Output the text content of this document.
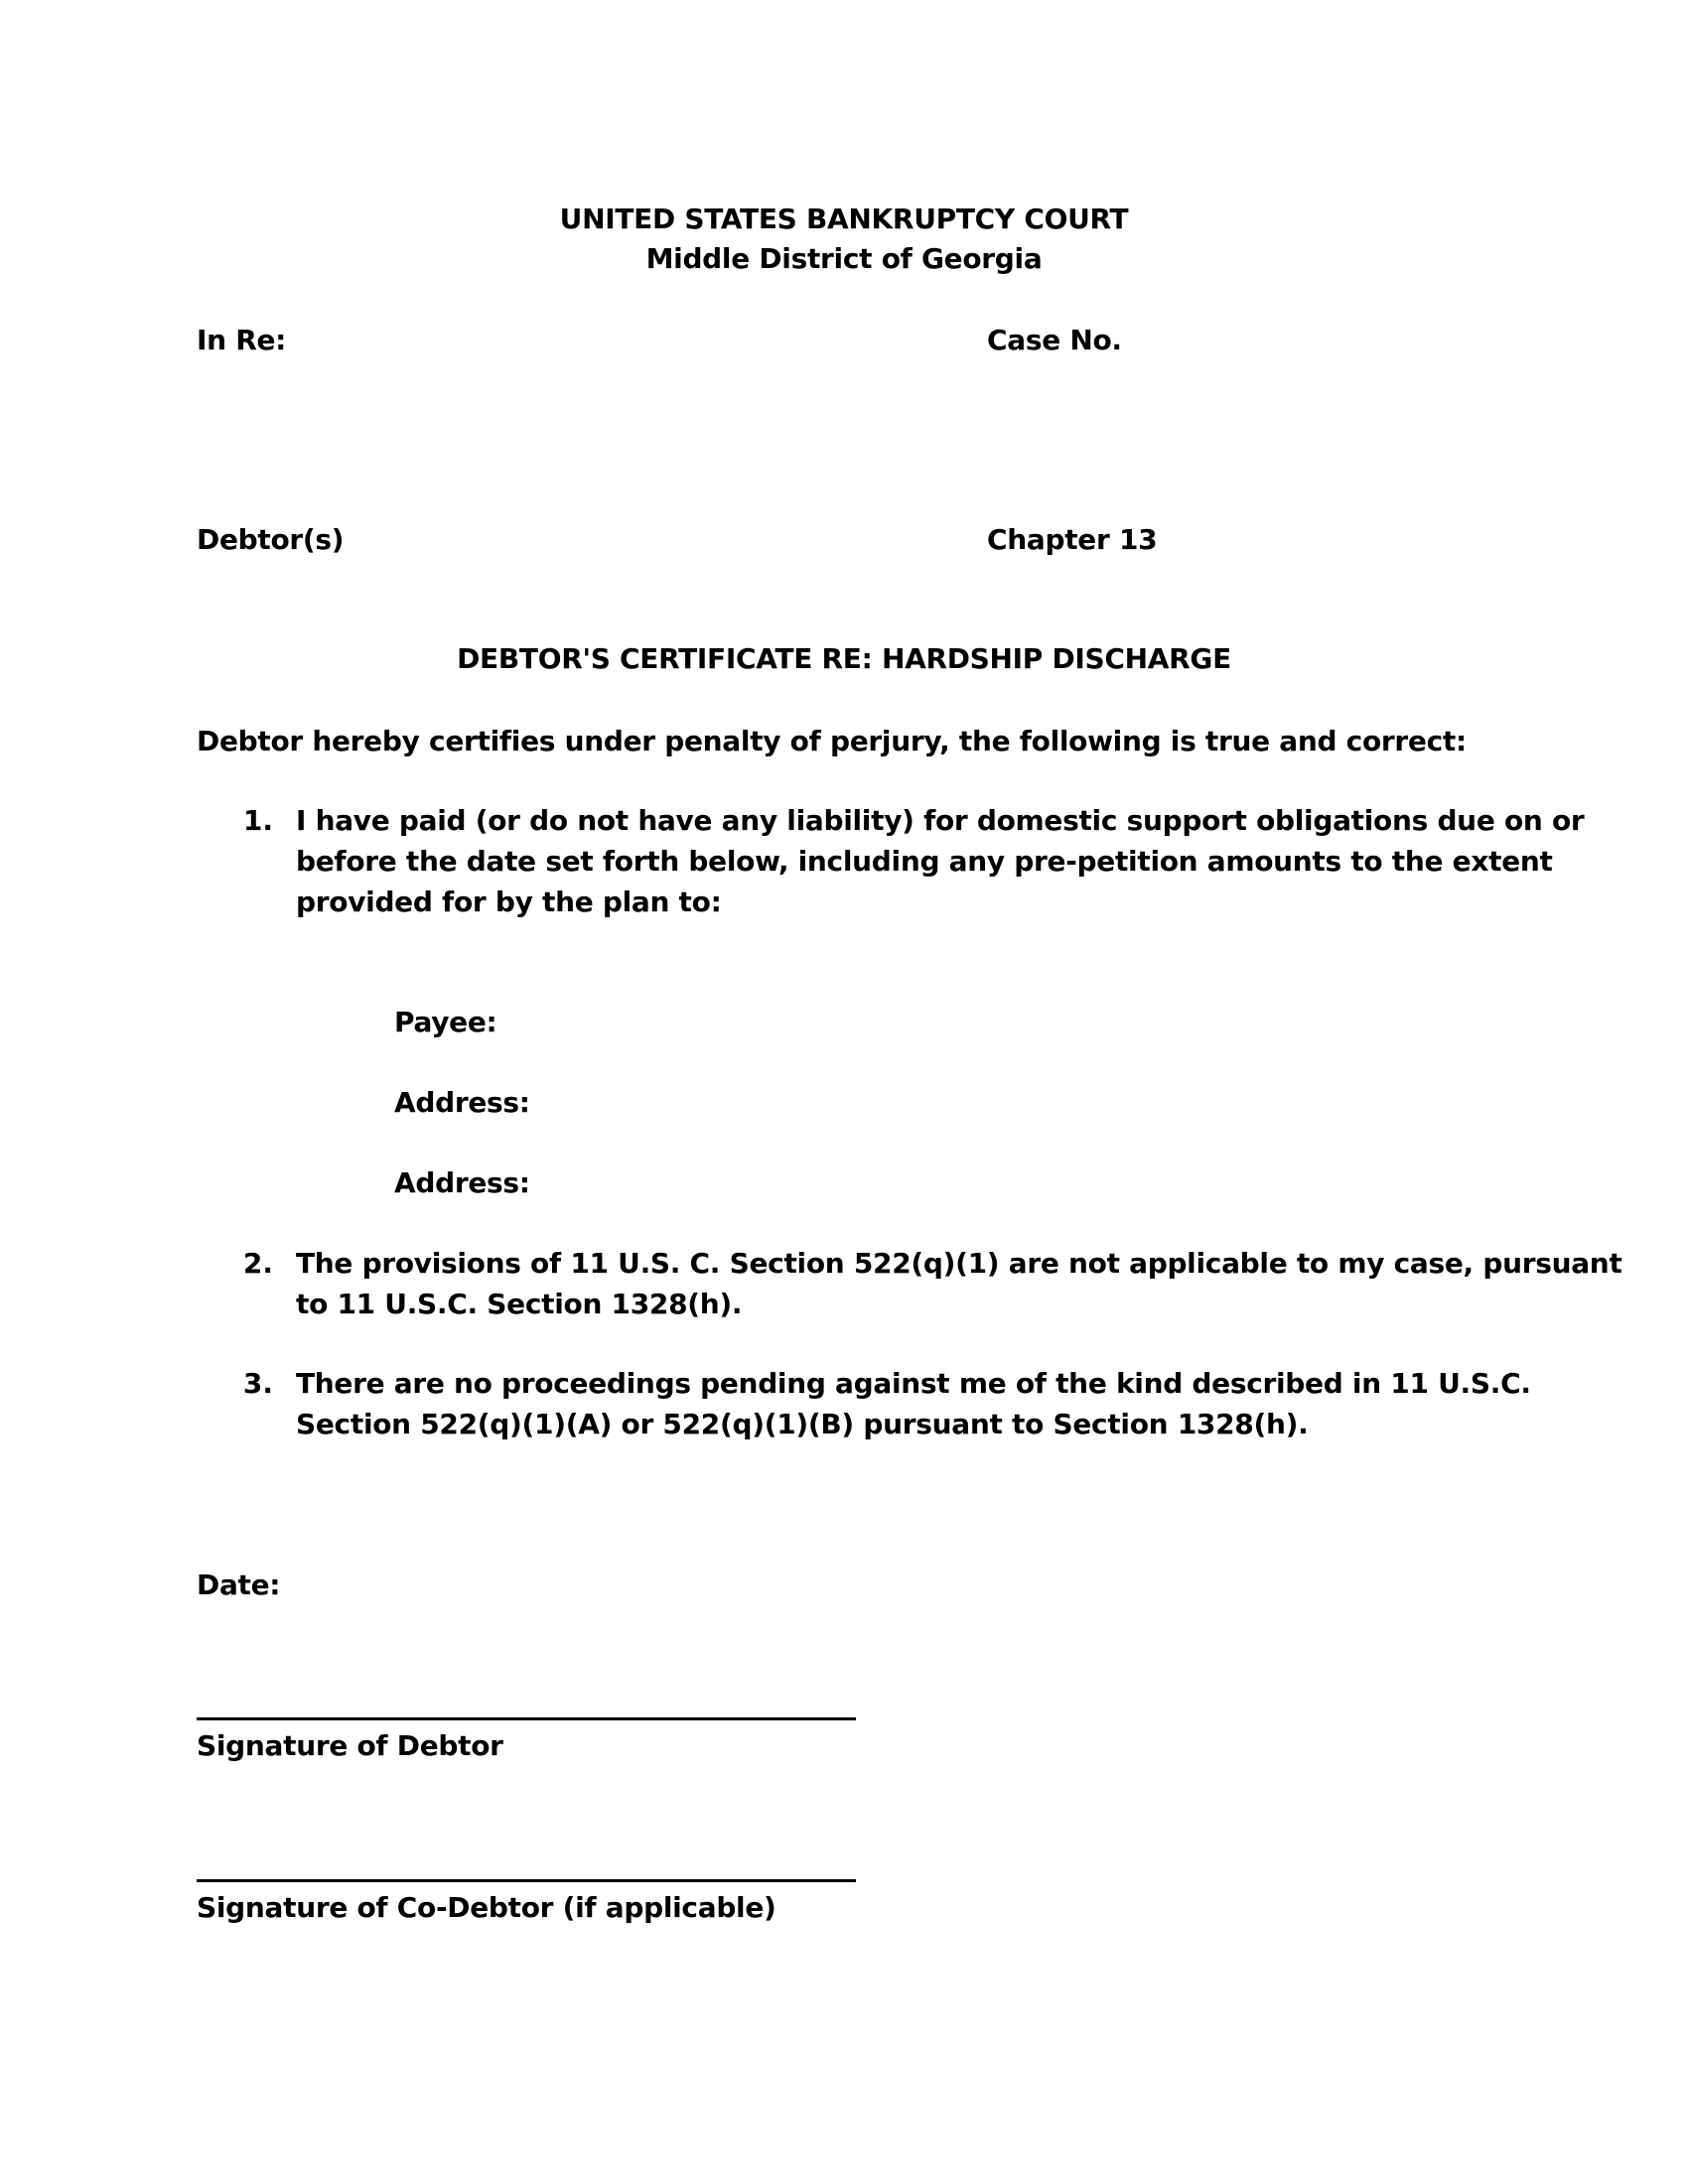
UNITED STATES BANKRUPTCY COURT
Middle District of Georgia
In Re:	Case No.
Debtor(s)	Chapter 13
DEBTOR'S CERTIFICATE RE: HARDSHIP DISCHARGE
Debtor hereby certifies under penalty of perjury, the following is true and correct:
1. I have paid (or do not have any liability) for domestic support obligations due on or
before the date set forth below, including any pre-petition amounts to the extent
provided for by the plan to:
Payee:
Address:
Address:
2. The provisions of 11 U.S. C. Section 522(q)(1) are not applicable to my case, pursuant
to 11 U.S.C. Section 1328(h).
3. There are no proceedings pending against me of the kind described in 11 U.S.C.
Section 522(q)(1)(A) or 522(q)(1)(B) pursuant to Section 1328(h).
Date:
Signature of Debtor
Signature of Co-Debtor (if applicable)
